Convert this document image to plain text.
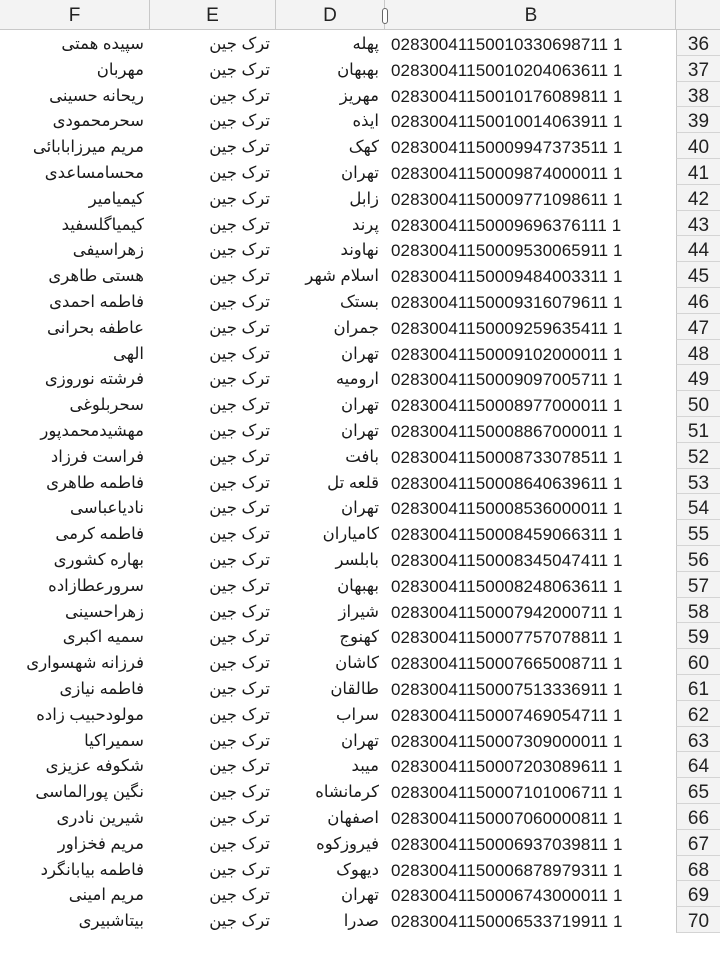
F	E	D	B
سپیده همتی	ترک جین	پهله 02830041150010330698711 1	36
مهربان	ترک جین	بهبهان 02830041150010204063611 1	37
ریحانه حسینی	ترک جین	مهریز 02830041150010176089811 1	38
سحرمحمودی	ترک جین	ایذه 02830041150010014063911 1	39
مریم میرزابابائی	ترک جین	کهک 02830041150009947373511 1	40
محسامساعدی	ترک جین	تهران 02830041150009874000011 1	41
کیمیامیر	ترک جین	زابل 02830041150009771098611 1	42
کیمیاگلسفید	ترک جین	پرند 02830041150009696376111 1	43
زهراسیفی	ترک جین	نهاوند 02830041150009530065911 1	44
هستی طاهری	ترک جین	اسلام شهر 02830041150009484003311 1	45
فاطمه احمدی	ترک جین	بستک 02830041150009316079611 1	46
عاطفه بحرانی	ترک جین	جمران 02830041150009259635411 1	47
الهی	ترک جین	تهران 02830041150009102000011 1	48
فرشته نوروزی	ترک جین	ارومیه 02830041150009097005711 1	49
سحربلوغی	ترک جین	تهران 02830041150008977000011 1	50
مهشیدمحمدپور	ترک جین	تهران 02830041150008867000011 1	51
فراست فرزاد	ترک جین	بافت 02830041150008733078511 1	52
فاطمه طاهری	ترک جین	قلعه تل 02830041150008640639611 1	53
نادیاعباسی	ترک جین	تهران 02830041150008536000011 1	54
فاطمه کرمی	ترک جین	کامیاران 02830041150008459066311 1	55
بهاره کشوری	ترک جین	بابلسر 02830041150008345047411 1	56
سرورعطازاده	ترک جین	بهبهان 02830041150008248063611 1	57
زهراحسینی	ترک جین	شیراز 02830041150007942000711 1	58
سمیه اکبری	ترک جین	کهنوج 02830041150007757078811 1	59
فرزانه شهسواری	ترک جین	کاشان 02830041150007665008711 1	60
فاطمه نیازی	ترک جین	طالقان 02830041150007513336911 1	61
مولودحبیب زاده	ترک جین	سراب 02830041150007469054711 1	62
سمیراکیا	ترک جین	تهران 02830041150007309000011 1	63
شکوفه عزیزی	ترک جین	میبد 02830041150007203089611 1	64
نگین پورالماسی	ترک جین	کرمانشاه 02830041150007101006711 1	65
شیرین نادری	ترک جین	اصفهان 02830041150007060000811 1	66
مریم فخزاور	ترک جین	فیروزکوه 02830041150006937039811 1	67
فاطمه بیابانگرد	ترک جین	دیهوک 02830041150006878979311 1	68
مریم امینی	ترک جین	تهران 02830041150006743000011 1	69
بیتاشبیری	ترک جین	صدرا 02830041150006533719911 1	70
